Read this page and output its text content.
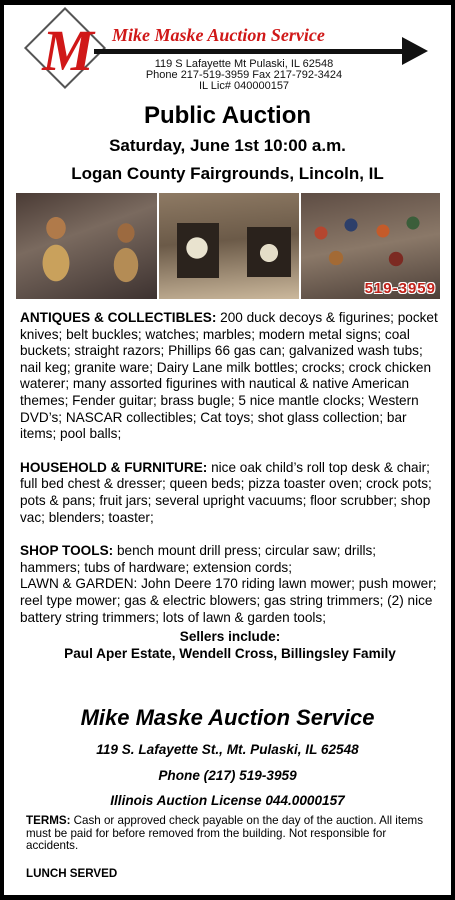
M Mike Maske Auction Service
119 S Lafayette Mt Pulaski, IL 62548
Phone 217-519-3959 Fax 217-792-3424
IL Lic# 040000157
Public Auction
Saturday, June 1st 10:00 a.m.
Logan County Fairgrounds, Lincoln, IL
519-3959
ANTIQUES & COLLECTIBLES: 200 duck decoys & figurines; pocket knives; belt buckles; watches; marbles; modern metal signs; coal buckets; straight razors; Phillips 66 gas can; galvanized wash tubs; nail keg; granite ware; Dairy Lane milk bottles; crocks; crock chicken waterer; many assorted figurines with nautical & native American themes; Fender guitar; brass bugle; 5 nice mantle clocks; Western DVD’s; NASCAR collectibles; Cat toys; shot glass collection; bar items; pool balls;
HOUSEHOLD & FURNITURE: nice oak child’s roll top desk & chair; full bed chest & dresser; queen beds; pizza toaster oven; crock pots; pots & pans; fruit jars; several upright vacuums; floor scrubber; shop vac; blenders; toaster;
SHOP TOOLS: bench mount drill press; circular saw; drills; hammers; tubs of hardware; extension cords;
LAWN & GARDEN: John Deere 170 riding lawn mower; push mower; reel type mower; gas & electric blowers; gas string trimmers; (2) nice battery string trimmers; lots of lawn & garden tools;
Sellers include:
Paul Aper Estate, Wendell Cross, Billingsley Family
Mike Maske Auction Service
119 S. Lafayette St., Mt. Pulaski, IL 62548
Phone (217) 519-3959
Illinois Auction License 044.0000157
TERMS: Cash or approved check payable on the day of the auction. All items must be paid for before removed from the building. Not responsible for accidents.
LUNCH SERVED
